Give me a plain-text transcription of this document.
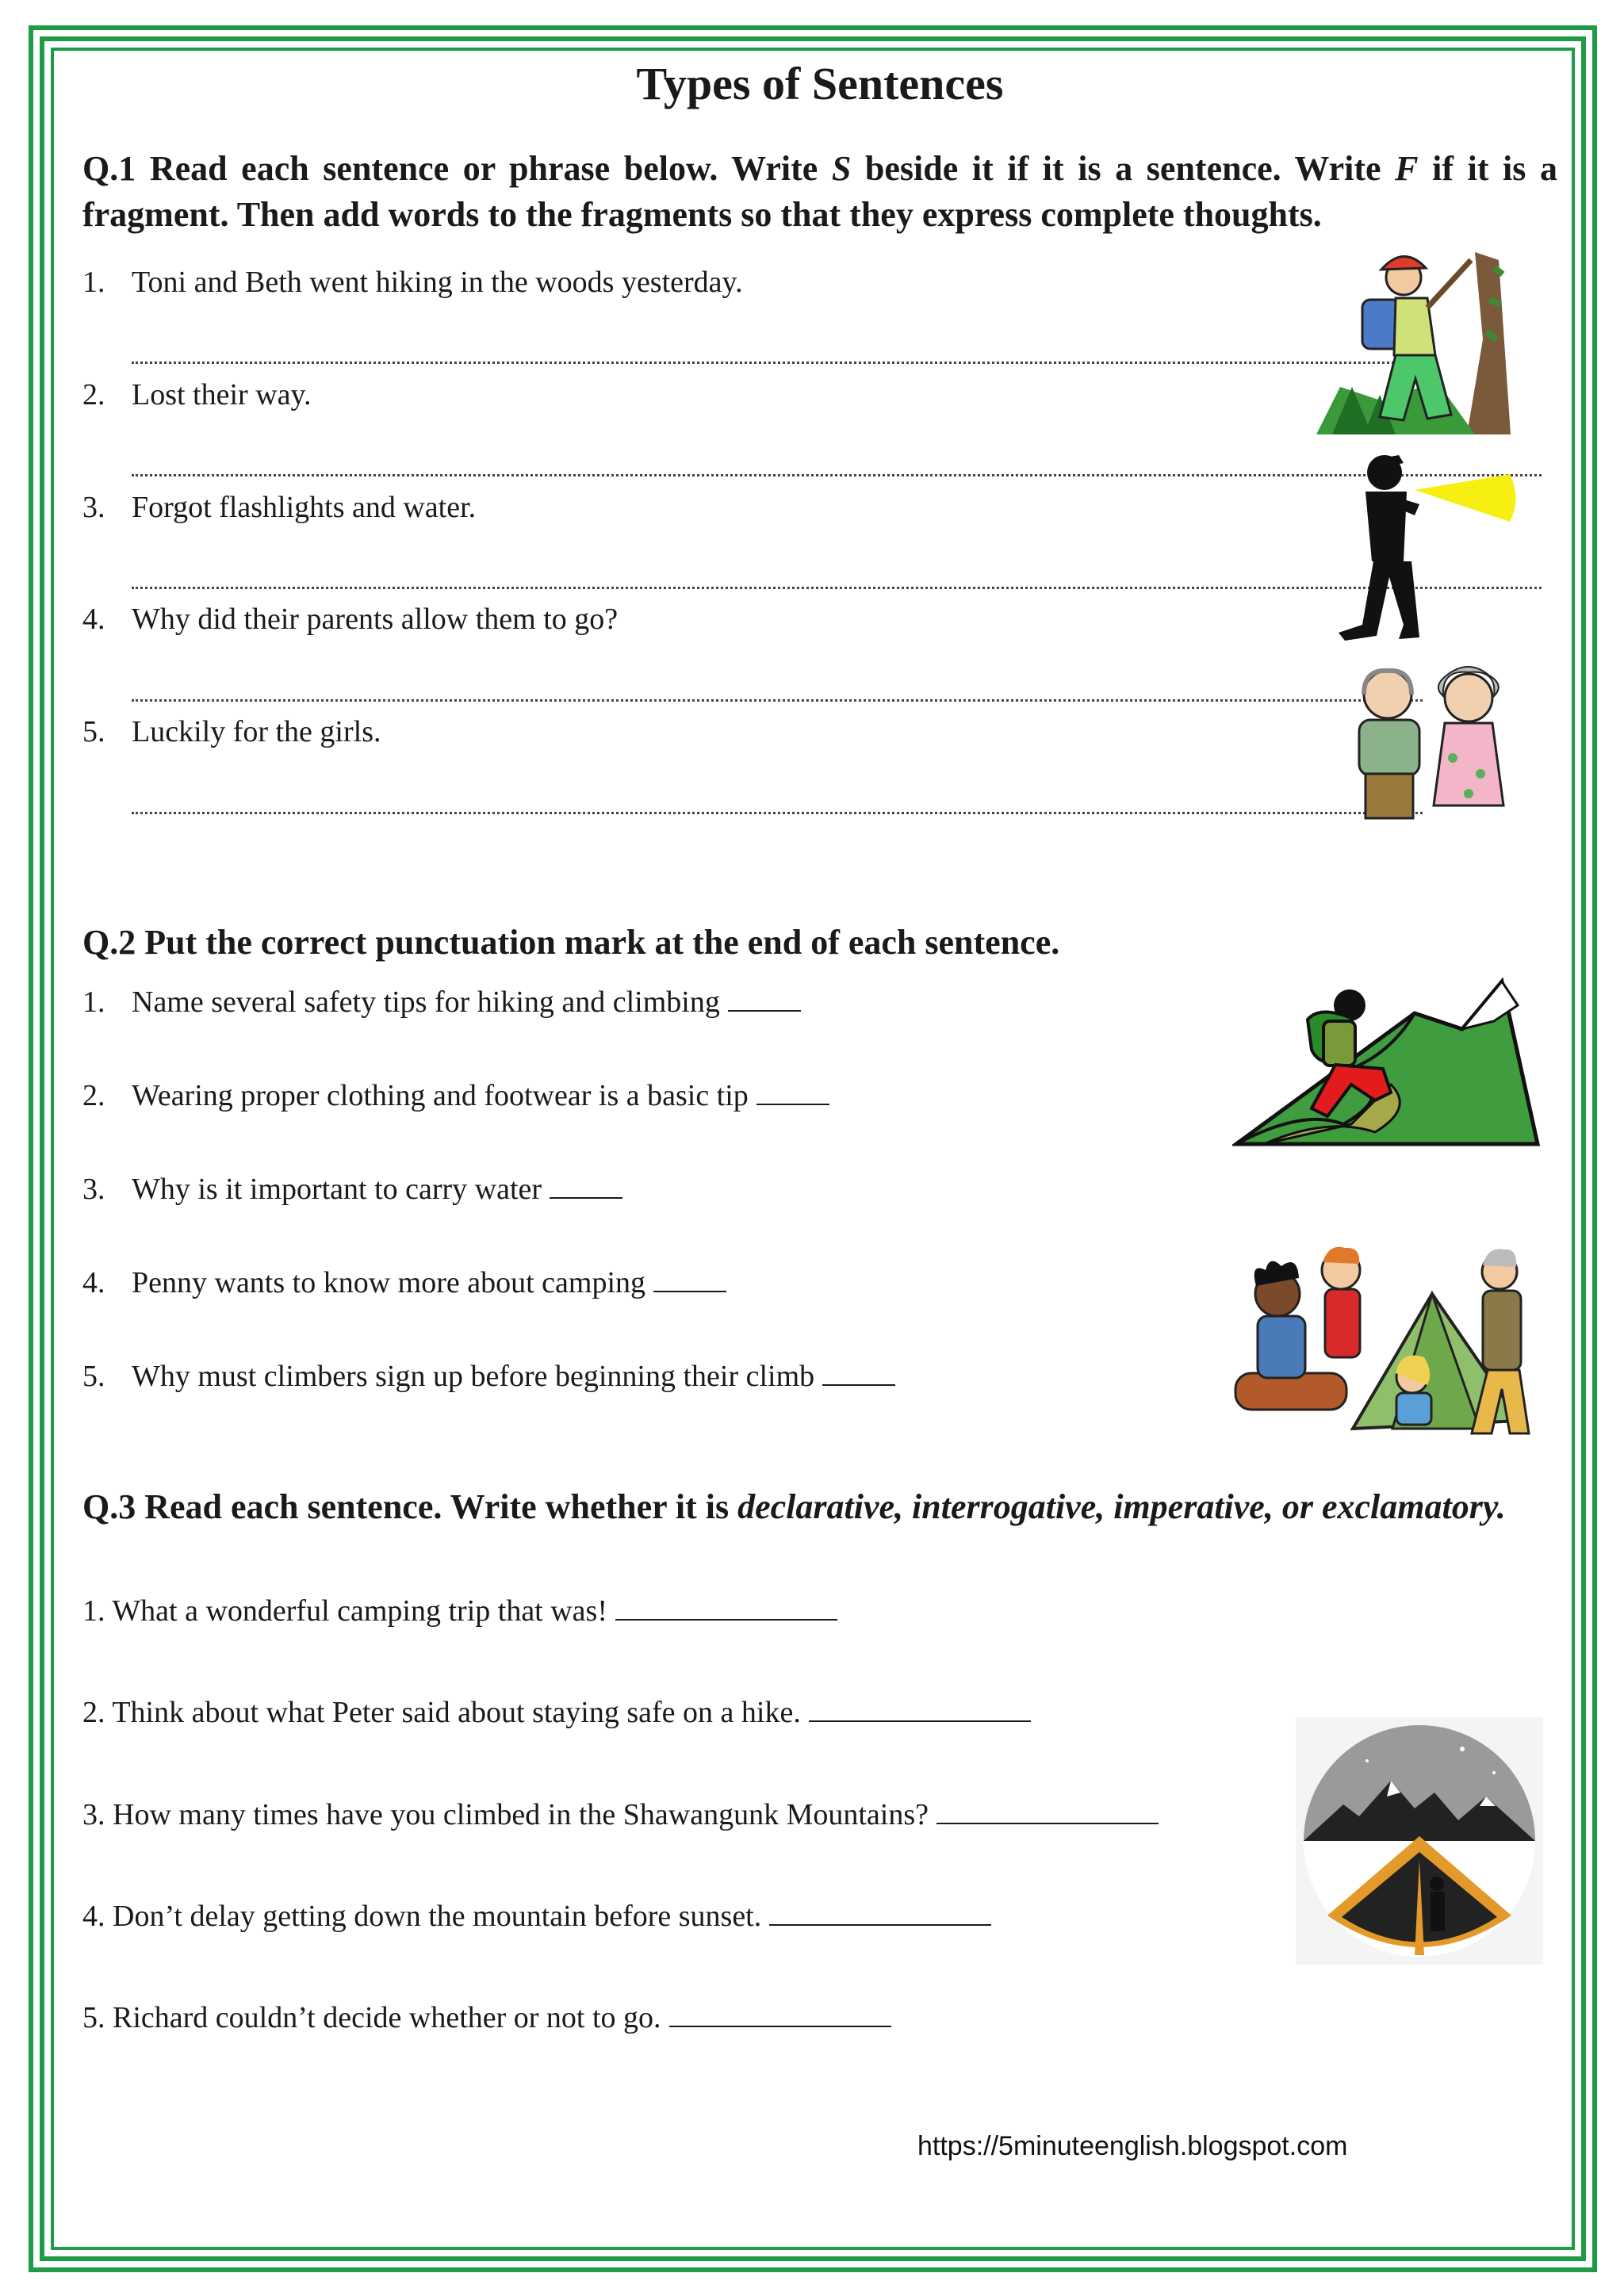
Types of Sentences

Q.1 Read each sentence or phrase below. Write S beside it if it is a sentence. Write F if it is a fragment. Then add words to the fragments so that they express complete thoughts.

1. Toni and Beth went hiking in the woods yesterday.
2. Lost their way.
3. Forgot flashlights and water.
4. Why did their parents allow them to go?
5. Luckily for the girls.

Q.2 Put the correct punctuation mark at the end of each sentence.

1. Name several safety tips for hiking and climbing
2. Wearing proper clothing and footwear is a basic tip
3. Why is it important to carry water
4. Penny wants to know more about camping
5. Why must climbers sign up before beginning their climb

Q.3 Read each sentence. Write whether it is declarative, interrogative, imperative, or exclamatory.

1. What a wonderful camping trip that was!
2. Think about what Peter said about staying safe on a hike.
3. How many times have you climbed in the Shawangunk Mountains?
4. Don’t delay getting down the mountain before sunset.
5. Richard couldn’t decide whether or not to go.
https://5minuteenglish.blogspot.com
